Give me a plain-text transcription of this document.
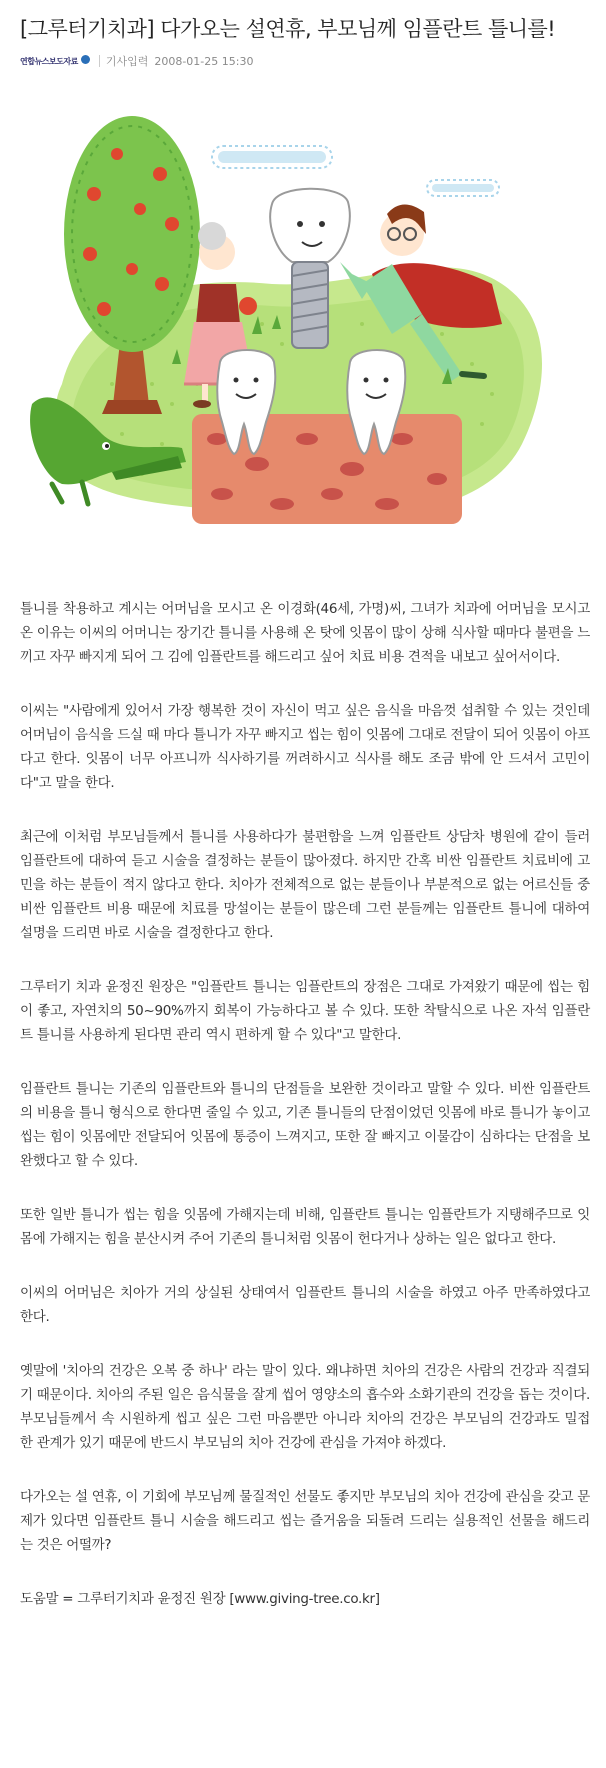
[그루터기치과] 다가오는 설연휴, 부모님께 임플란트 틀니를!
연합뉴스보도자료	기사입력 2008-01-25 15:30

틀니를 착용하고 계시는 어머님을 모시고 온 이경화(46세, 가명)씨, 그녀가 치과에 어머님을 모시고 온 이유는 이씨의 어머니는 장기간 틀니를 사용해 온 탓에 잇몸이 많이 상해 식사할 때마다 불편을 느끼고 자꾸 빠지게 되어 그 김에 임플란트를 해드리고 싶어 치료 비용 견적을 내보고 싶어서이다.

이씨는 "사람에게 있어서 가장 행복한 것이 자신이 먹고 싶은 음식을 마음껏 섭취할 수 있는 것인데 어머님이 음식을 드실 때 마다 틀니가 자꾸 빠지고 씹는 힘이 잇몸에 그대로 전달이 되어 잇몸이 아프다고 한다. 잇몸이 너무 아프니까 식사하기를 꺼려하시고 식사를 해도 조금 밖에 안 드셔서 고민이다"고 말을 한다.

최근에 이처럼 부모님들께서 틀니를 사용하다가 불편함을 느껴 임플란트 상담차 병원에 같이 들러 임플란트에 대하여 듣고 시술을 결정하는 분들이 많아졌다. 하지만 간혹 비싼 임플란트 치료비에 고민을 하는 분들이 적지 않다고 한다. 치아가 전체적으로 없는 분들이나 부분적으로 없는 어르신들 중 비싼 임플란트 비용 때문에 치료를 망설이는 분들이 많은데 그런 분들께는 임플란트 틀니에 대하여 설명을 드리면 바로 시술을 결정한다고 한다.

그루터기 치과 윤정진 원장은 "임플란트 틀니는 임플란트의 장점은 그대로 가져왔기 때문에 씹는 힘이 좋고, 자연치의 50~90%까지 회복이 가능하다고 볼 수 있다. 또한 착탈식으로 나온 자석 임플란트 틀니를 사용하게 된다면 관리 역시 편하게 할 수 있다"고 말한다.

임플란트 틀니는 기존의 임플란트와 틀니의 단점들을 보완한 것이라고 말할 수 있다. 비싼 임플란트의 비용을 틀니 형식으로 한다면 줄일 수 있고, 기존 틀니들의 단점이었던 잇몸에 바로 틀니가 놓이고 씹는 힘이 잇몸에만 전달되어 잇몸에 통증이 느껴지고, 또한 잘 빠지고 이물감이 심하다는 단점을 보완했다고 할 수 있다.

또한 일반 틀니가 씹는 힘을 잇몸에 가해지는데 비해, 임플란트 틀니는 임플란트가 지탱해주므로 잇몸에 가해지는 힘을 분산시켜 주어 기존의 틀니처럼 잇몸이 헌다거나 상하는 일은 없다고 한다.

이씨의 어머님은 치아가 거의 상실된 상태여서 임플란트 틀니의 시술을 하였고 아주 만족하였다고 한다.

옛말에 '치아의 건강은 오복 중 하나' 라는 말이 있다. 왜냐하면 치아의 건강은 사람의 건강과 직결되기 때문이다. 치아의 주된 일은 음식물을 잘게 씹어 영양소의 흡수와 소화기관의 건강을 돕는 것이다. 부모님들께서 속 시원하게 씹고 싶은 그런 마음뿐만 아니라 치아의 건강은 부모님의 건강과도 밀접한 관계가 있기 때문에 반드시 부모님의 치아 건강에 관심을 가져야 하겠다.

다가오는 설 연휴, 이 기회에 부모님께 물질적인 선물도 좋지만 부모님의 치아 건강에 관심을 갖고 문제가 있다면 임플란트 틀니 시술을 해드리고 씹는 즐거움을 되돌려 드리는 실용적인 선물을 해드리는 것은 어떨까?

도움말 = 그루터기치과 윤정진 원장 [www.giving-tree.co.kr]
